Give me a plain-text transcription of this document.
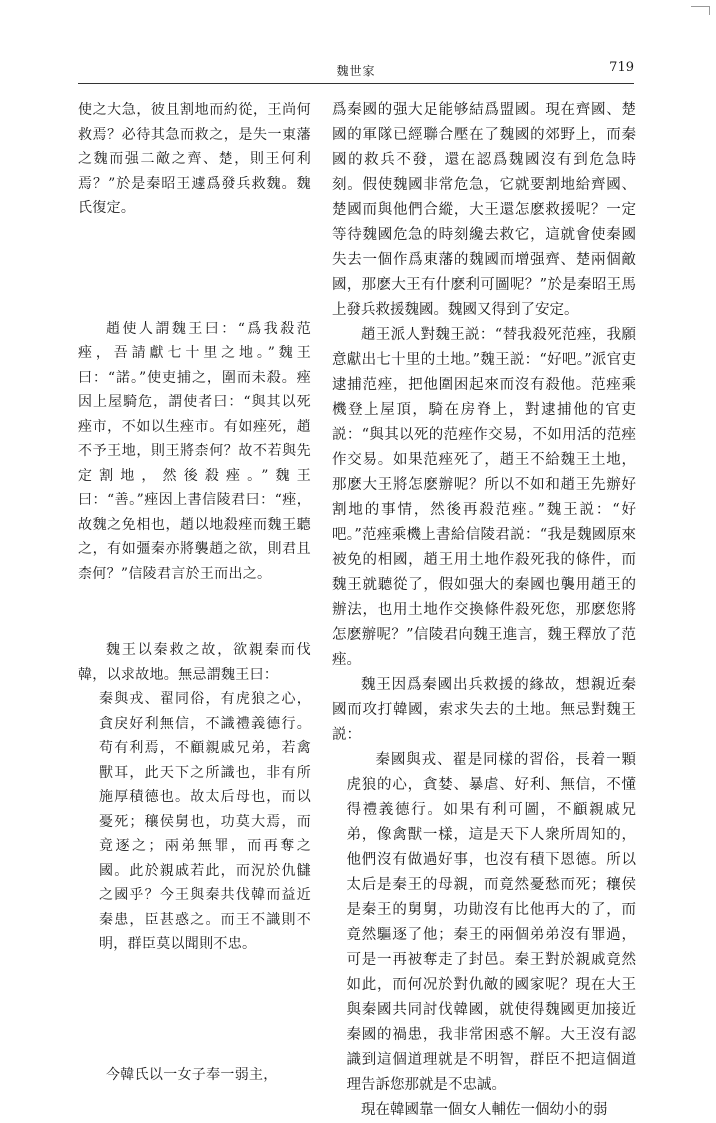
魏世家	719

使之大急，彼且割地而約從，王尚何救焉？必待其急而救之，是失一東藩之魏而强二敵之齊、楚，則王何利焉？”於是秦昭王遽爲發兵救魏。魏氏復定。

趙使人謂魏王曰：“爲我殺范痤，吾請獻七十里之地。”魏王曰：“諾。”使吏捕之，圍而未殺。痤因上屋騎危，謂使者曰：“與其以死痤市，不如以生痤市。有如痤死，趙不予王地，則王將柰何？故不若與先定割地，然後殺痤。”魏王曰：“善。”痤因上書信陵君曰：“痤，故魏之免相也，趙以地殺痤而魏王聽之，有如彊秦亦將襲趙之欲，則君且柰何？”信陵君言於王而出之。

魏王以秦救之故，欲親秦而伐韓，以求故地。無忌謂魏王曰：

秦與戎、翟同俗，有虎狼之心，貪戾好利無信，不識禮義德行。苟有利焉，不顧親戚兄弟，若禽獸耳，此天下之所識也，非有所施厚積德也。故太后母也，而以憂死；穰侯舅也，功莫大焉，而竟逐之；兩弟無罪，而再奪之國。此於親戚若此，而況於仇讎之國乎？今王與秦共伐韓而益近秦患，臣甚惑之。而王不識則不明，群臣莫以聞則不忠。

今韓氏以一女子奉一弱主，

爲秦國的强大足能够結爲盟國。現在齊國、楚國的軍隊已經聯合壓在了魏國的郊野上，而秦國的救兵不發，還在認爲魏國沒有到危急時刻。假使魏國非常危急，它就要割地給齊國、楚國而與他們合縱，大王還怎麽救援呢？一定等待魏國危急的時刻纔去救它，這就會使秦國失去一個作爲東藩的魏國而增强齊、楚兩個敵國，那麽大王有什麽利可圖呢？”於是秦昭王馬上發兵救援魏國。魏國又得到了安定。

趙王派人對魏王説：“替我殺死范痤，我願意獻出七十里的土地。”魏王説：“好吧。”派官吏逮捕范痤，把他圍困起來而沒有殺他。范痤乘機登上屋頂，騎在房脊上，對逮捕他的官吏説：“與其以死的范痤作交易，不如用活的范痤作交易。如果范痤死了，趙王不給魏王土地，那麽大王將怎麽辦呢？所以不如和趙王先辦好割地的事情，然後再殺范痤。”魏王説：“好吧。”范痤乘機上書給信陵君説：“我是魏國原來被免的相國，趙王用土地作殺死我的條件，而魏王就聽從了，假如强大的秦國也襲用趙王的辦法，也用土地作交換條件殺死您，那麽您將怎麽辦呢？”信陵君向魏王進言，魏王釋放了范痤。

魏王因爲秦國出兵救援的緣故，想親近秦國而攻打韓國，索求失去的土地。無忌對魏王説：

秦國與戎、翟是同樣的習俗，長着一顆虎狼的心，貪婪、暴虐、好利、無信，不懂得禮義德行。如果有利可圖，不顧親戚兄弟，像禽獸一樣，這是天下人衆所周知的，他們沒有做過好事，也沒有積下恩德。所以太后是秦王的母親，而竟然憂愁而死；穰侯是秦王的舅舅，功勛沒有比他再大的了，而竟然驅逐了他；秦王的兩個弟弟沒有罪過，可是一再被奪走了封邑。秦王對於親戚竟然如此，而何况於對仇敵的國家呢？現在大王與秦國共同討伐韓國，就使得魏國更加接近秦國的禍患，我非常困惑不解。大王沒有認識到這個道理就是不明智，群臣不把這個道理告訴您那就是不忠誠。

現在韓國靠一個女人輔佐一個幼小的弱
